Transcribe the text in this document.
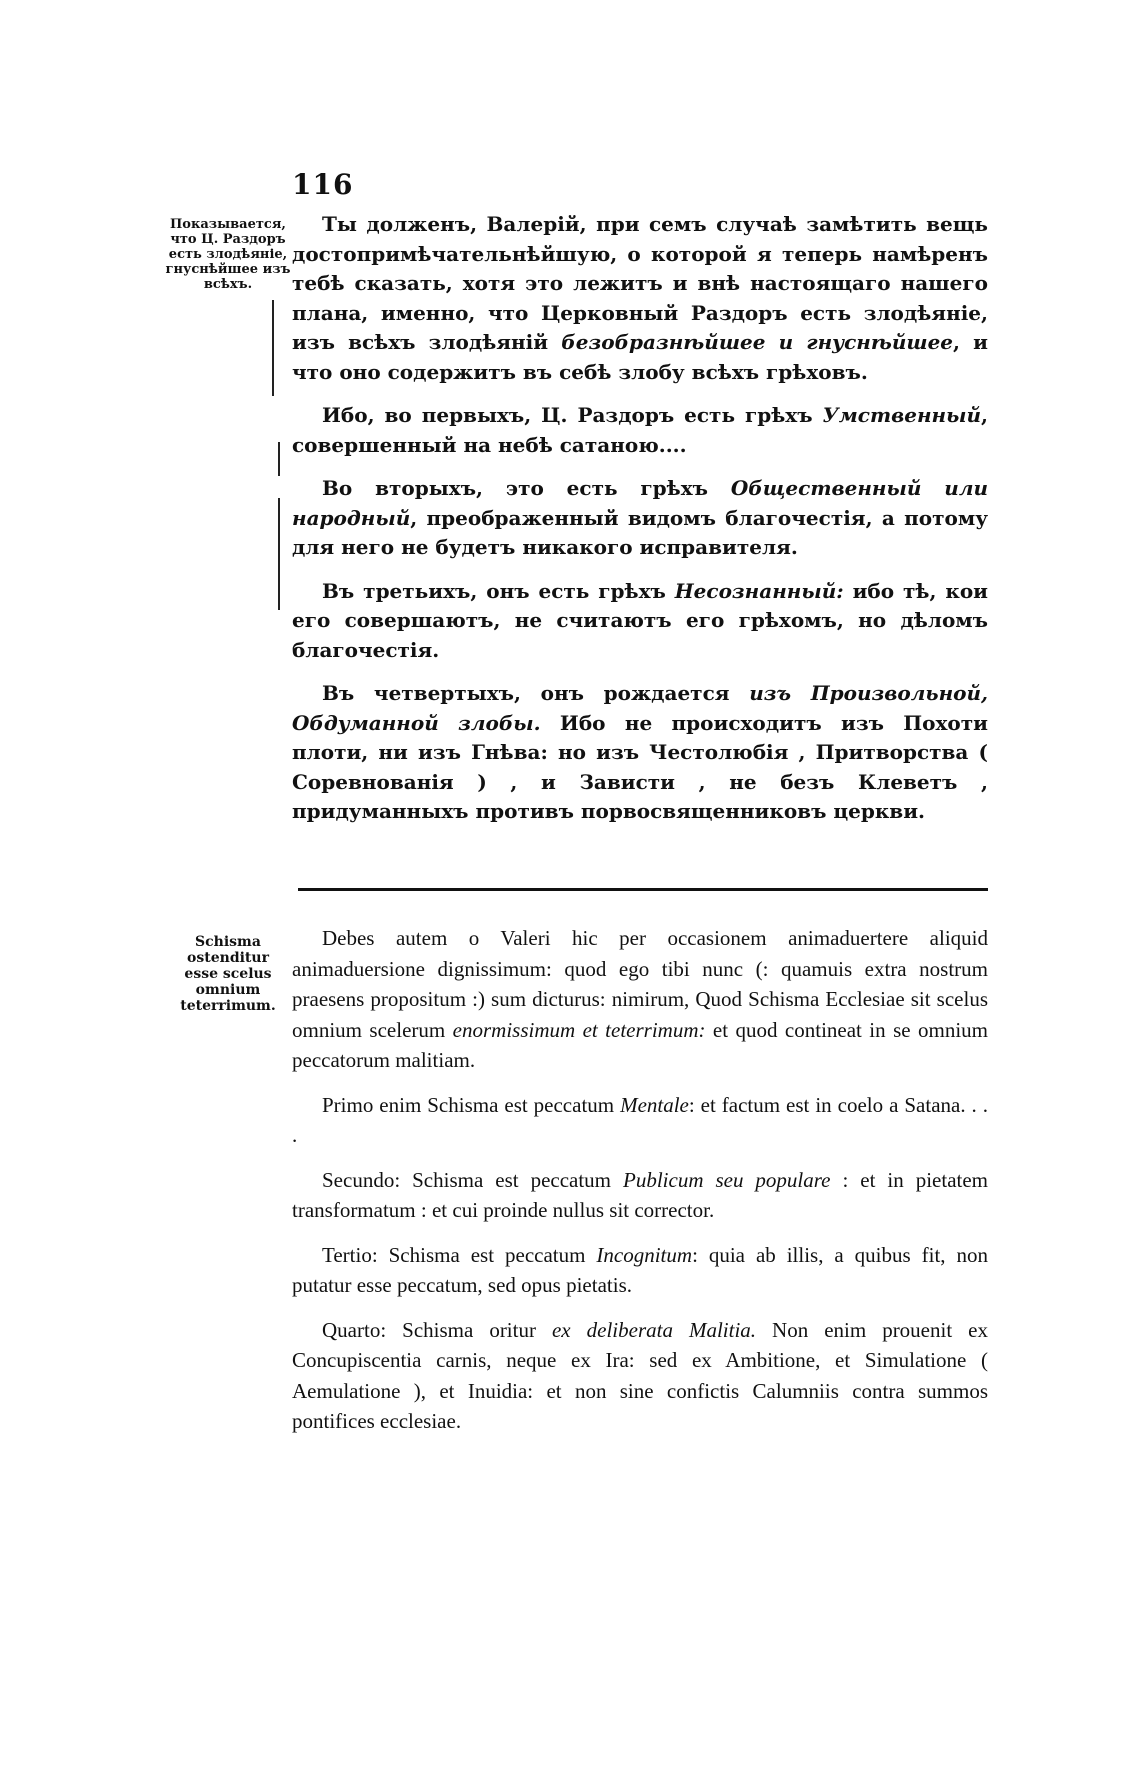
116
Показывается, что Ц. Раздоръ есть злодѣяніе, гнуснѣйшее изъ всѣхъ.

Ты долженъ, Валерій, при семъ случаѣ замѣтить вещь достопримѣчательнѣйшую, о которой я теперь намѣренъ тебѣ сказать, хотя это лежитъ и внѣ настоящаго нашего плана, именно, что Церковный Раздоръ есть злодѣяніе, изъ всѣхъ злодѣяній безобразнѣйшее и гнуснѣйшее, и что оно содержитъ въ себѣ злобу всѣхъ грѣховъ.

Ибо, во первыхъ, Ц. Раздоръ есть грѣхъ Умственный, совершенный на небѣ сатаною....

Во вторыхъ, это есть грѣхъ Общественный или народный, преображенный видомъ благочестія, а потому для него не будетъ никакого исправителя.

Въ третьихъ, онъ есть грѣхъ Несознанный: ибо тѣ, кои его совершаютъ, не считаютъ его грѣхомъ, но дѣломъ благочестія.

Въ четвертыхъ, онъ рождается изъ Произвольной, Обдуманной злобы. Ибо не происходитъ изъ Похоти плоти, ни изъ Гнѣва: но изъ Честолюбія , Притворства ( Соревнованія ) , и Зависти , не безъ Клеветъ , придуманныхъ противъ порвосвященниковъ церкви.

Schisma ostenditur esse scelus omnium teterrimum.

Debes autem o Valeri hic per occasionem animaduertere aliquid animaduersione dignissimum: quod ego tibi nunc (: quamuis extra nostrum praesens propositum :) sum dicturus: nimirum, Quod Schisma Ecclesiae sit scelus omnium scelerum enormissimum et teterrimum: et quod contineat in se omnium peccatorum malitiam.

Primo enim Schisma est peccatum Mentale: et factum est in coelo a Satana. . . .

Secundo: Schisma est peccatum Publicum seu populare : et in pietatem transformatum : et cui proinde nullus sit corrector.

Tertio: Schisma est peccatum Incognitum: quia ab illis, a quibus fit, non putatur esse peccatum, sed opus pietatis.

Quarto: Schisma oritur ex deliberata Malitia. Non enim prouenit ex Concupiscentia carnis, neque ex Ira: sed ex Ambitione, et Simulatione ( Aemulatione ), et Inuidia: et non sine confictis Calumniis contra summos pontifices ecclesiae.
